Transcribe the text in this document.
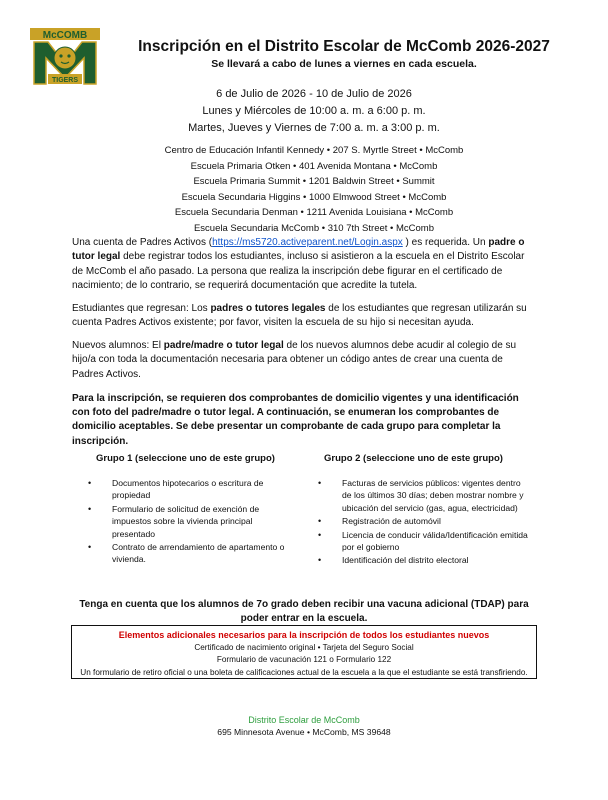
McCOMB
TIGERS
Inscripción en el Distrito Escolar de McComb 2026-2027
Se llevará a cabo de lunes a viernes en cada escuela.
6 de Julio de 2026 - 10 de Julio de 2026
Lunes y Miércoles de 10:00 a. m. a 6:00 p. m.
Martes, Jueves y Viernes de 7:00 a. m. a 3:00 p. m.
Centro de Educación Infantil Kennedy • 207 S. Myrtle Street • McComb
Escuela Primaria Otken • 401 Avenida Montana • McComb
Escuela Primaria Summit • 1201 Baldwin Street • Summit
Escuela Secundaria Higgins • 1000 Elmwood Street • McComb
Escuela Secundaria Denman • 1211 Avenida Louisiana • McComb
Escuela Secundaria McComb • 310 7th Street • McComb
Una cuenta de Padres Activos (https://ms5720.activeparent.net/Login.aspx ) es requerida. Un padre o tutor legal debe registrar todos los estudiantes, incluso si asistieron a la escuela en el Distrito Escolar de McComb el año pasado. La persona que realiza la inscripción debe figurar en el certificado de nacimiento; de lo contrario, se requerirá documentación que acredite la tutela.
Estudiantes que regresan: Los padres o tutores legales de los estudiantes que regresan utilizarán su cuenta Padres Activos existente; por favor, visiten la escuela de su hijo si necesitan ayuda.
Nuevos alumnos: El padre/madre o tutor legal de los nuevos alumnos debe acudir al colegio de su hijo/a con toda la documentación necesaria para obtener un código antes de crear una cuenta de Padres Activos.
Para la inscripción, se requieren dos comprobantes de domicilio vigentes y una identificación con foto del padre/madre o tutor legal. A continuación, se enumeran los comprobantes de domicilio aceptables. Se debe presentar un comprobante de cada grupo para completar la inscripción.
Grupo 1 (seleccione uno de este grupo)	Grupo 2 (seleccione uno de este grupo)
• Documentos hipotecarios o escritura de propiedad
• Formulario de solicitud de exención de impuestos sobre la vivienda principal presentado
• Contrato de arrendamiento de apartamento o vivienda.
• Facturas de servicios públicos: vigentes dentro de los últimos 30 días; deben mostrar nombre y ubicación del servicio (gas, agua, electricidad)
• Registración de automóvil
• Licencia de conducir válida/Identificación emitida por el gobierno
• Identificación del distrito electoral
Tenga en cuenta que los alumnos de 7o grado deben recibir una vacuna adicional (TDAP) para poder entrar en la escuela.
Elementos adicionales necesarios para la inscripción de todos los estudiantes nuevos
Certificado de nacimiento original • Tarjeta del Seguro Social
Formulario de vacunación 121 o Formulario 122
Un formulario de retiro oficial o una boleta de calificaciones actual de la escuela a la que el estudiante se está transfiriendo.
Distrito Escolar de McComb
695 Minnesota Avenue • McComb, MS 39648
